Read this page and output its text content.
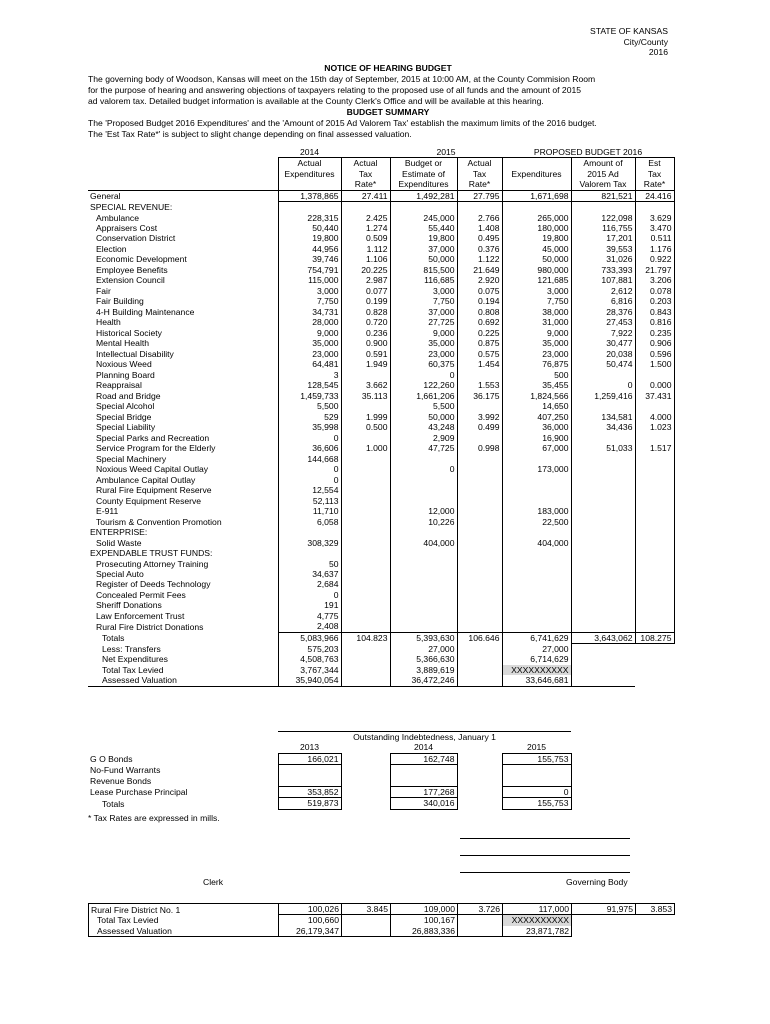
STATE OF KANSAS
City/County
2016
NOTICE OF HEARING BUDGET
The governing body of Woodson, Kansas will meet on the 15th day of September, 2015 at 10:00 AM, at the County Commision Room
for the purpose of hearing and answering objections of taxpayers relating to the proposed use of all funds and the amount of 2015
ad valorem tax. Detailed budget information is available at the County Clerk's Office and will be available at this hearing.
BUDGET SUMMARY
The 'Proposed Budget 2016 Expenditures' and the 'Amount of 2015 Ad Valorem Tax' establish the maximum limits of the 2016 budget.
The 'Est Tax Rate*' is subject to slight change depending on final assessed valuation.
	2014		2015		PROPOSED BUDGET 2016		
	Actual	Actual	Budget or	Actual		Amount of	Est
	Expenditures	Tax	Estimate of	Tax	Expenditures	2015 Ad	Tax
		Rate*	Expenditures	Rate*		Valorem Tax	Rate*
General	1,378,865	27.411	1,492,281	27.795	1,671,698	821,521	24.416
SPECIAL REVENUE:							
Ambulance	228,315	2.425	245,000	2.766	265,000	122,098	3.629
Appraisers Cost	50,440	1.274	55,440	1.408	180,000	116,755	3.470
Conservation District	19,800	0.509	19,800	0.495	19,800	17,201	0.511
Election	44,956	1.112	37,000	0.376	45,000	39,553	1.176
Economic Development	39,746	1.106	50,000	1.122	50,000	31,026	0.922
Employee Benefits	754,791	20.225	815,500	21.649	980,000	733,393	21.797
Extension Council	115,000	2.987	116,685	2.920	121,685	107,881	3.206
Fair	3,000	0.077	3,000	0.075	3,000	2,612	0.078
Fair Building	7,750	0.199	7,750	0.194	7,750	6,816	0.203
4-H Building Maintenance	34,731	0.828	37,000	0.808	38,000	28,376	0.843
Health	28,000	0.720	27,725	0.692	31,000	27,453	0.816
Historical Society	9,000	0.236	9,000	0.225	9,000	7,922	0.235
Mental Health	35,000	0.900	35,000	0.875	35,000	30,477	0.906
Intellectual Disability	23,000	0.591	23,000	0.575	23,000	20,038	0.596
Noxious Weed	64,481	1.949	60,375	1.454	76,875	50,474	1.500
Planning Board	3		0		500		
Reappraisal	128,545	3.662	122,260	1.553	35,455	0	0.000
Road and Bridge	1,459,733	35.113	1,661,206	36.175	1,824,566	1,259,416	37.431
Special Alcohol	5,500		5,500		14,650		
Special Bridge	529	1.999	50,000	3.992	407,250	134,581	4.000
Special Liability	35,998	0.500	43,248	0.499	36,000	34,436	1.023
Special Parks and Recreation	0		2,909		16,900		
Service Program for the Elderly	36,606	1.000	47,725	0.998	67,000	51,033	1.517
Special Machinery	144,668						
Noxious Weed Capital Outlay	0		0		173,000		
Ambulance Capital Outlay	0						
Rural Fire Equipment Reserve	12,554						
County Equipment Reserve	52,113						
E-911	11,710		12,000		183,000		
Tourism & Convention Promotion	6,058		10,226		22,500		
ENTERPRISE:							
Solid Waste	308,329		404,000		404,000		
EXPENDABLE TRUST FUNDS:							
Prosecuting Attorney Training	50						
Special Auto	34,637						
Register of Deeds Technology	2,684						
Concealed Permit Fees	0						
Sheriff Donations	191						
Law Enforcement Trust	4,775						
Rural Fire District Donations	2,408						
Totals	5,083,966	104.823	5,393,630	106.646	6,741,629	3,643,062	108.275
Less: Transfers	575,203		27,000		27,000		
Net Expenditures	4,508,763		5,366,630		6,714,629		
Total Tax Levied	3,767,344		3,889,619		XXXXXXXXXX		
Assessed Valuation	35,940,054		36,472,246		33,646,681		
	Outstanding Indebtedness, January 1				
	2013		2014		2015
G O Bonds	166,021		162,748		155,753
No-Fund Warrants					
Revenue Bonds					
Lease Purchase Principal	353,852		177,268		0
Totals	519,873		340,016		155,753
* Tax Rates are expressed in mills.
Clerk	Governing Body
Rural Fire District No. 1	100,026	3.845	109,000	3.726	117,000	91,975	3.853
Total Tax Levied	100,660		100,167		XXXXXXXXXX		
Assessed Valuation	26,179,347		26,883,336		23,871,782		
